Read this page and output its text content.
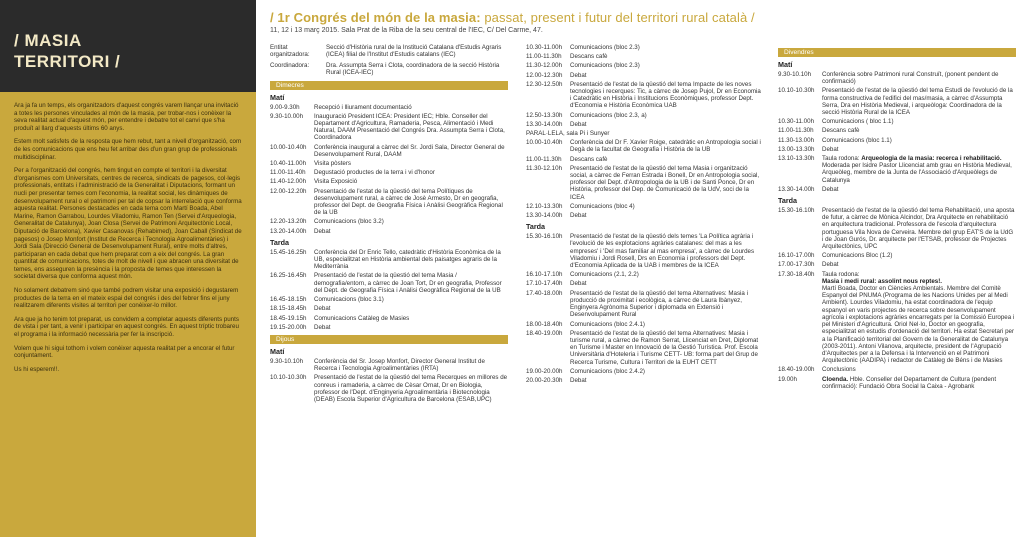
/ MASIA
TERRITORI /

Ara ja fa un temps, els organitzadors d'aquest congrés varem llançar una invitació a totes les persones vinculades al món de la masia, per trobar-nos i conèixer la seva realitat actual d'aquest món, per entendre i debatre tot el canvi que s'ha produït al llarg d'aquests últims 60 anys.

Estem molt satisfets de la resposta que hem rebut, tant a nivell d'organització, com de les comunicacions que ens heu fet arribar des d'un gran grup de professionals multidisciplinar.

Per a l'organització del congrés, hem tingut en compte el territori i la diversitat d'organismes com Universitats, centres de recerca, sindicats de pagesos, col·legis professionals, entitats i l'administració de la Generalitat i Diputacions, formant un nucli per presentar temes com l'economia, la realitat social, les dinàmiques de desenvolupament rural o el patrimoni per tal de copsar la interrelació que conforma aquesta realitat. Persones destacades en cada tema com Martí Boada, Abel Marine, Ramon Garrabou, Lourdes Viladomiu, Ramon Ten (Servei d'Arqueologia, Generalitat de Catalunya), Joan Closa (Servei de Patrimoni Arquitectònic Local, Diputació de Barcelona), Xavier Casanovas (Rehabimed), Joan Caball (Sindicat de pagesos) o Josep Monfort (Institut de Recerca i Tecnologia Agroalimentàries) i Jordi Sala (Direcció General de Desenvolupament Rural), entre molts d'altres, participaran en cada debat que hem preparat com a eix del congrés. La gran quantitat de comunicacions, totes de molt de nivell i que abracen una diversitat de temes, ens asseguren la presència i la proposta de temes que interessen la societat diversa que conforma aquest món.

No solament debatrem sinó que també podrem visitar una exposició i degustarem productes de la terra en el mateix espai del congrés i des del febrer fins el juny realitzarem diferents visites al territori per conèixer-lo millor.

Ara que ja ho tenim tot preparat, us convidem a completar aquests diferents punts de vista i per tant, a venir i participar en aquest congrés. En aquest tríptic trobareu el programa i la informació necessària per fer la inscripció.

Volem que hi sigui tothom i volem conèixer aquesta realitat per a encorar el futur conjuntament.

Us hi esperem!!.

/ 1r Congrés del món de la masia: passat, present i futur del territori rural català /
11, 12 i 13 març 2015. Sala Prat de la Riba de la seu central de l'IEC, C/ Del Carme, 47.
Entitat organitzadora:Secció d'Història rural de la Institució Catalana d'Estudis Agraris (ICEA) filial de l'Institut d'Estudis catalans (IEC)
Coordinadora:	Dra. Assumpta Serra i Clota, coordinadora de la secció Història Rural (ICEA-IEC)
Dimecres
Matí
9.00-9.30h	Recepció i lliurament documentació
9.30-10.00h	Inauguració President ICEA: President IEC; Hble. Conseller del Departament d'Agricultura, Ramaderia, Pesca, Alimentació i Medi Natural, DAAM Presentació del Congrés Dra. Assumpta Serra i Clota, Coordinadora
10.00-10.40h	Conferència inaugural a càrrec del Sr. Jordi Sala, Director General de Desenvolupament Rural, DAAM
10.40-11.00h	Visita pòsters
11.00-11.40h	Degustació productes de la terra i vi d'honor
11.40-12.00h	Visita Exposició
12.00-12.20h	Presentació de l'estat de la qüestió del tema Polítiques de desenvolupament rural, a càrrec de Josè Armesto, Dr en geografia, professor del Dept. de Geografia Física i Anàlisi Geogràfica Regional de la UB
12.20-13.20h	Comunicacions (bloc 3.2)
13.20-14.00h	Debat
Tarda
15.45-16.25h	Conferència del Dr Enric Tello, catedràtic d'Història Econòmica de la UB, especialitzat en Història ambiental dels paisatges agraris de la Mediterrània
16.25-16.45h	Presentació de l'estat de la qüestió del tema Masia / demografia/entorn, a càrrec de Joan Tort, Dr en geografia, Professor del Dept. de Geografia Física i Anàlisi Geogràfica Regional de la UB
16.45-18.15h	Comunicacions (bloc 3.1)
18.15-18.45h	Debat
18.45-19.15h	Comunicacions Catàleg de Masies
19.15-20.00h	Debat
Dijous
Matí
9.30-10.10h	Conferència del Sr. Josep Monfort, Director General Institut de Recerca i Tecnologia Agroalimentàries (IRTA)
10.10-10.30h	Presentació de l'estat de la qüestió del tema Recerques en millores de conreus i ramaderia, a càrrec de Cèsar Ornat, Dr en Biologia, professor de l'Dept. d'Enginyeria Agroalimentària i Biotecnologia (DEAB) Escola Superior d'Agricultura de Barcelona (ESAB,UPC)
10.30-11.00h	Comunicacions (bloc 2.3)
11.00-11.30h	Descans cafè
11.30-12.00h	Comunicacions (bloc 2.3)
12.00-12.30h	Debat
12.30-12.50h	Presentació de l'estat de la qüestió del tema Impacte de les noves tecnologies i recerques: Tic, a càrrec de Josep Pujol, Dr en Economia i Catedràtic en Història i Institucions Econòmiques, professor Dept. d'Economia e Història Econòmica UAB
12.50-13.30h	Comunicacions (bloc 2.3, a)
13.30-14.00h	Debat
PARAL·LELA, sala Pi i Sunyer
10.00-10.40h	Conferència del Dr F. Xavier Roige, catedràtic en Antropologia social i Degà de la facultat de Geografia i Història de la UB
11.00-11.30h	Descans cafè
11.30-12.10h	Presentació de l'estat de la qüestió del tema Masia i organització social, a càrrec de Ferran Estrada i Bonell, Dr en Antropologia social, professor del Dept. d'Antropologia de la UB i de Santi Ponce, Dr en Història, professor del Dep. de Comunicació de la UdV, soci de la ICEA
12.10-13.30h	Comunicacions (bloc 4)
13.30-14.00h	Debat
Tarda
15.30-16.10h	Presentació de l'estat de la qüestió dels temes 'La Política agrària i l'evolució de les explotacions agràries catalanes: del mas a les empreses' i 'Del mas familiar al mas empresa', a càrrec de Lourdes Viladomiu i Jordi Rosell, Drs en Economia i professors del Dept. d'Economia Aplicada de la UAB i membres de la ICEA
16.10-17.10h	Comunicacions (2.1, 2.2)
17.10-17.40h	Debat
17.40-18.00h	Presentació de l'estat de la qüestió del tema Alternatives: Masia i producció de proximitat i ecològica, a càrrec de Laura Ibànyez, Enginyera Agrònoma Superior i diplomada en Extensió i Desenvolupament Rural
18.00-18.40h	Comunicacions (bloc 2.4.1)
18.40-19.00h	Presentació de l'estat de la qüestió del tema Alternatives: Masia i turisme rural, a càrrec de Ramon Serrat, Llicenciat en Dret, Diplomat en Turisme i Master en Innovació de la Gestió Turística. Prof. Escola Universitària d'Hoteleria i Turisme CETT- UB: forma part del Grup de Recerca Turisme, Cultura i Territori de la EUHT CETT
19.00-20.00h	Comunicacions (bloc 2.4.2)
20.00-20.30h	Debat
Divendres
Matí
9.30-10.10h	Conferència sobre Patrimoni rural Construït, (ponent pendent de confirmació)
10.10-10.30h	Presentació de l'estat de la qüestió del tema Estudi de l'evolució de la forma constructiva de l'edifici del mas/masia, a càrrec d'Assumpta Serra, Dra en Història Medieval, i arqueòloga: Coordinadora de la secció Història Rural de la ICEA
10.30-11.00h	Comunicacions ( bloc 1.1)
11.00-11.30h	Descans cafè
11.30-13.00h	Comunicacions (bloc 1.1)
13.00-13.30h	Debat
13.10-13.30h	Taula rodona: Arqueologia de la masia: recerca i rehabilitació. Moderada per Isidre Pastor Llicenciat amb grau en Història Medieval, Arqueòleg, membre de la Junta de l'Associació d'Arqueòlegs de Catalunya
13.30-14.00h	Debat
Tarda
15.30-16.10h	Presentació de l'estat de la qüestió del tema Rehabilitació, una aposta de futur, a càrrec de Mònica Alcindor, Dra Arquitecte en rehabilitació en arquitectura tradicional. Professora de l'escola d'arquitectura portuguesa Vila Nova de Cerveira. Membre del grup EAT'S de la UdG i de Joan Gurós, Dr. arquitecte per l'ETSAB, professor de Projectes Arquitectònics, UPC
16.10-17.00h	Comunicacions Bloc (1.2)
17.00-17.30h	Debat
17.30-18.40h	Taula rodona:
Masia i medi rural: assolint nous reptes!.
Martí Boada, Doctor en Ciències Ambientals. Membre del Comitè Espanyol del PNUMA (Programa de les Nacions Unides per al Medi Ambient). Lourdes Viladomiu, ha estat coordinadora de l'equip espanyol en varis projectes de recerca sobre desenvolupament agrícola i explotacions agràries encarregats per la Comissió Europea i pel Ministeri d'Agricultura. Oriol Nel·lo, Doctor en geografia, especialitzat en estudis d'ordenació del territori. Ha estat Secretari per a la Planificació territorial del Govern de la Generalitat de Catalunya (2003-2011). Antoni Vilanova, arquitecte, president de l'Agrupació d'Arquitectes per a la Defensa i la Intervenció en el Patrimoni Arquitectònic (AADIPA) i redactor de Catàleg de Béns i de Masies
18.40-19.00h	Conclusions
19.00h	Cloenda. Hble. Conseller del Departament de Cultura (pendent confirmació): Fundació Obra Social la Caixa - Agrobank
